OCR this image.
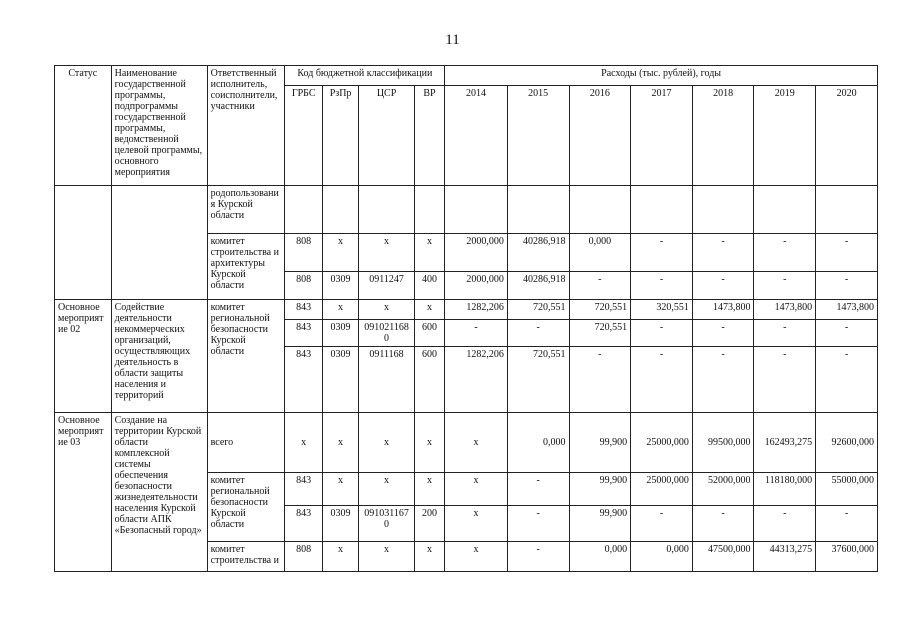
11
Статус	Наименование государственной программы, подпрограммы государственной программы, ведомственной целевой программы, основного мероприятия	Ответственный исполнитель, соисполнители, участники	Код бюджетной классификации				Расходы (тыс. рублей), годы						
			ГРБС	РзПр	ЦСР	ВР	2014	2015	2016	2017	2018	2019	2020
		родопользования Курской области											
		комитет строительства и архитектуры Курской области	808	x	x	x	2000,000	40286,918	0,000	-	-	-	-
			808	0309	0911247	400	2000,000	40286,918	-	-	-	-	-
Основное мероприятие 02	Содействие деятельности некоммерческих организаций, осуществляющих деятельность в области защиты населения и территорий	комитет региональной безопасности Курской области	843	x	x	x	1282,206	720,551	720,551	320,551	1473,800	1473,800	1473,800
			843	0309	0910211680	600	-	-	720,551	-	-	-	-
			843	0309	0911168	600	1282,206	720,551	-	-	-	-	-
Основное мероприятие 03	Создание на территории Курской области комплексной системы обеспечения безопасности жизнедеятельности населения Курской области АПК «Безопасный город»	всего	x	x	x	x	x	0,000	99,900	25000,000	99500,000	162493,275	92600,000
		комитет региональной безопасности Курской области	843	x	x	x	x	-	99,900	25000,000	52000,000	118180,000	55000,000
			843	0309	0910311670	200	x	-	99,900	-	-	-	-
		комитет строительства и	808	x	x	x	x	-	0,000	0,000	47500,000	44313,275	37600,000
